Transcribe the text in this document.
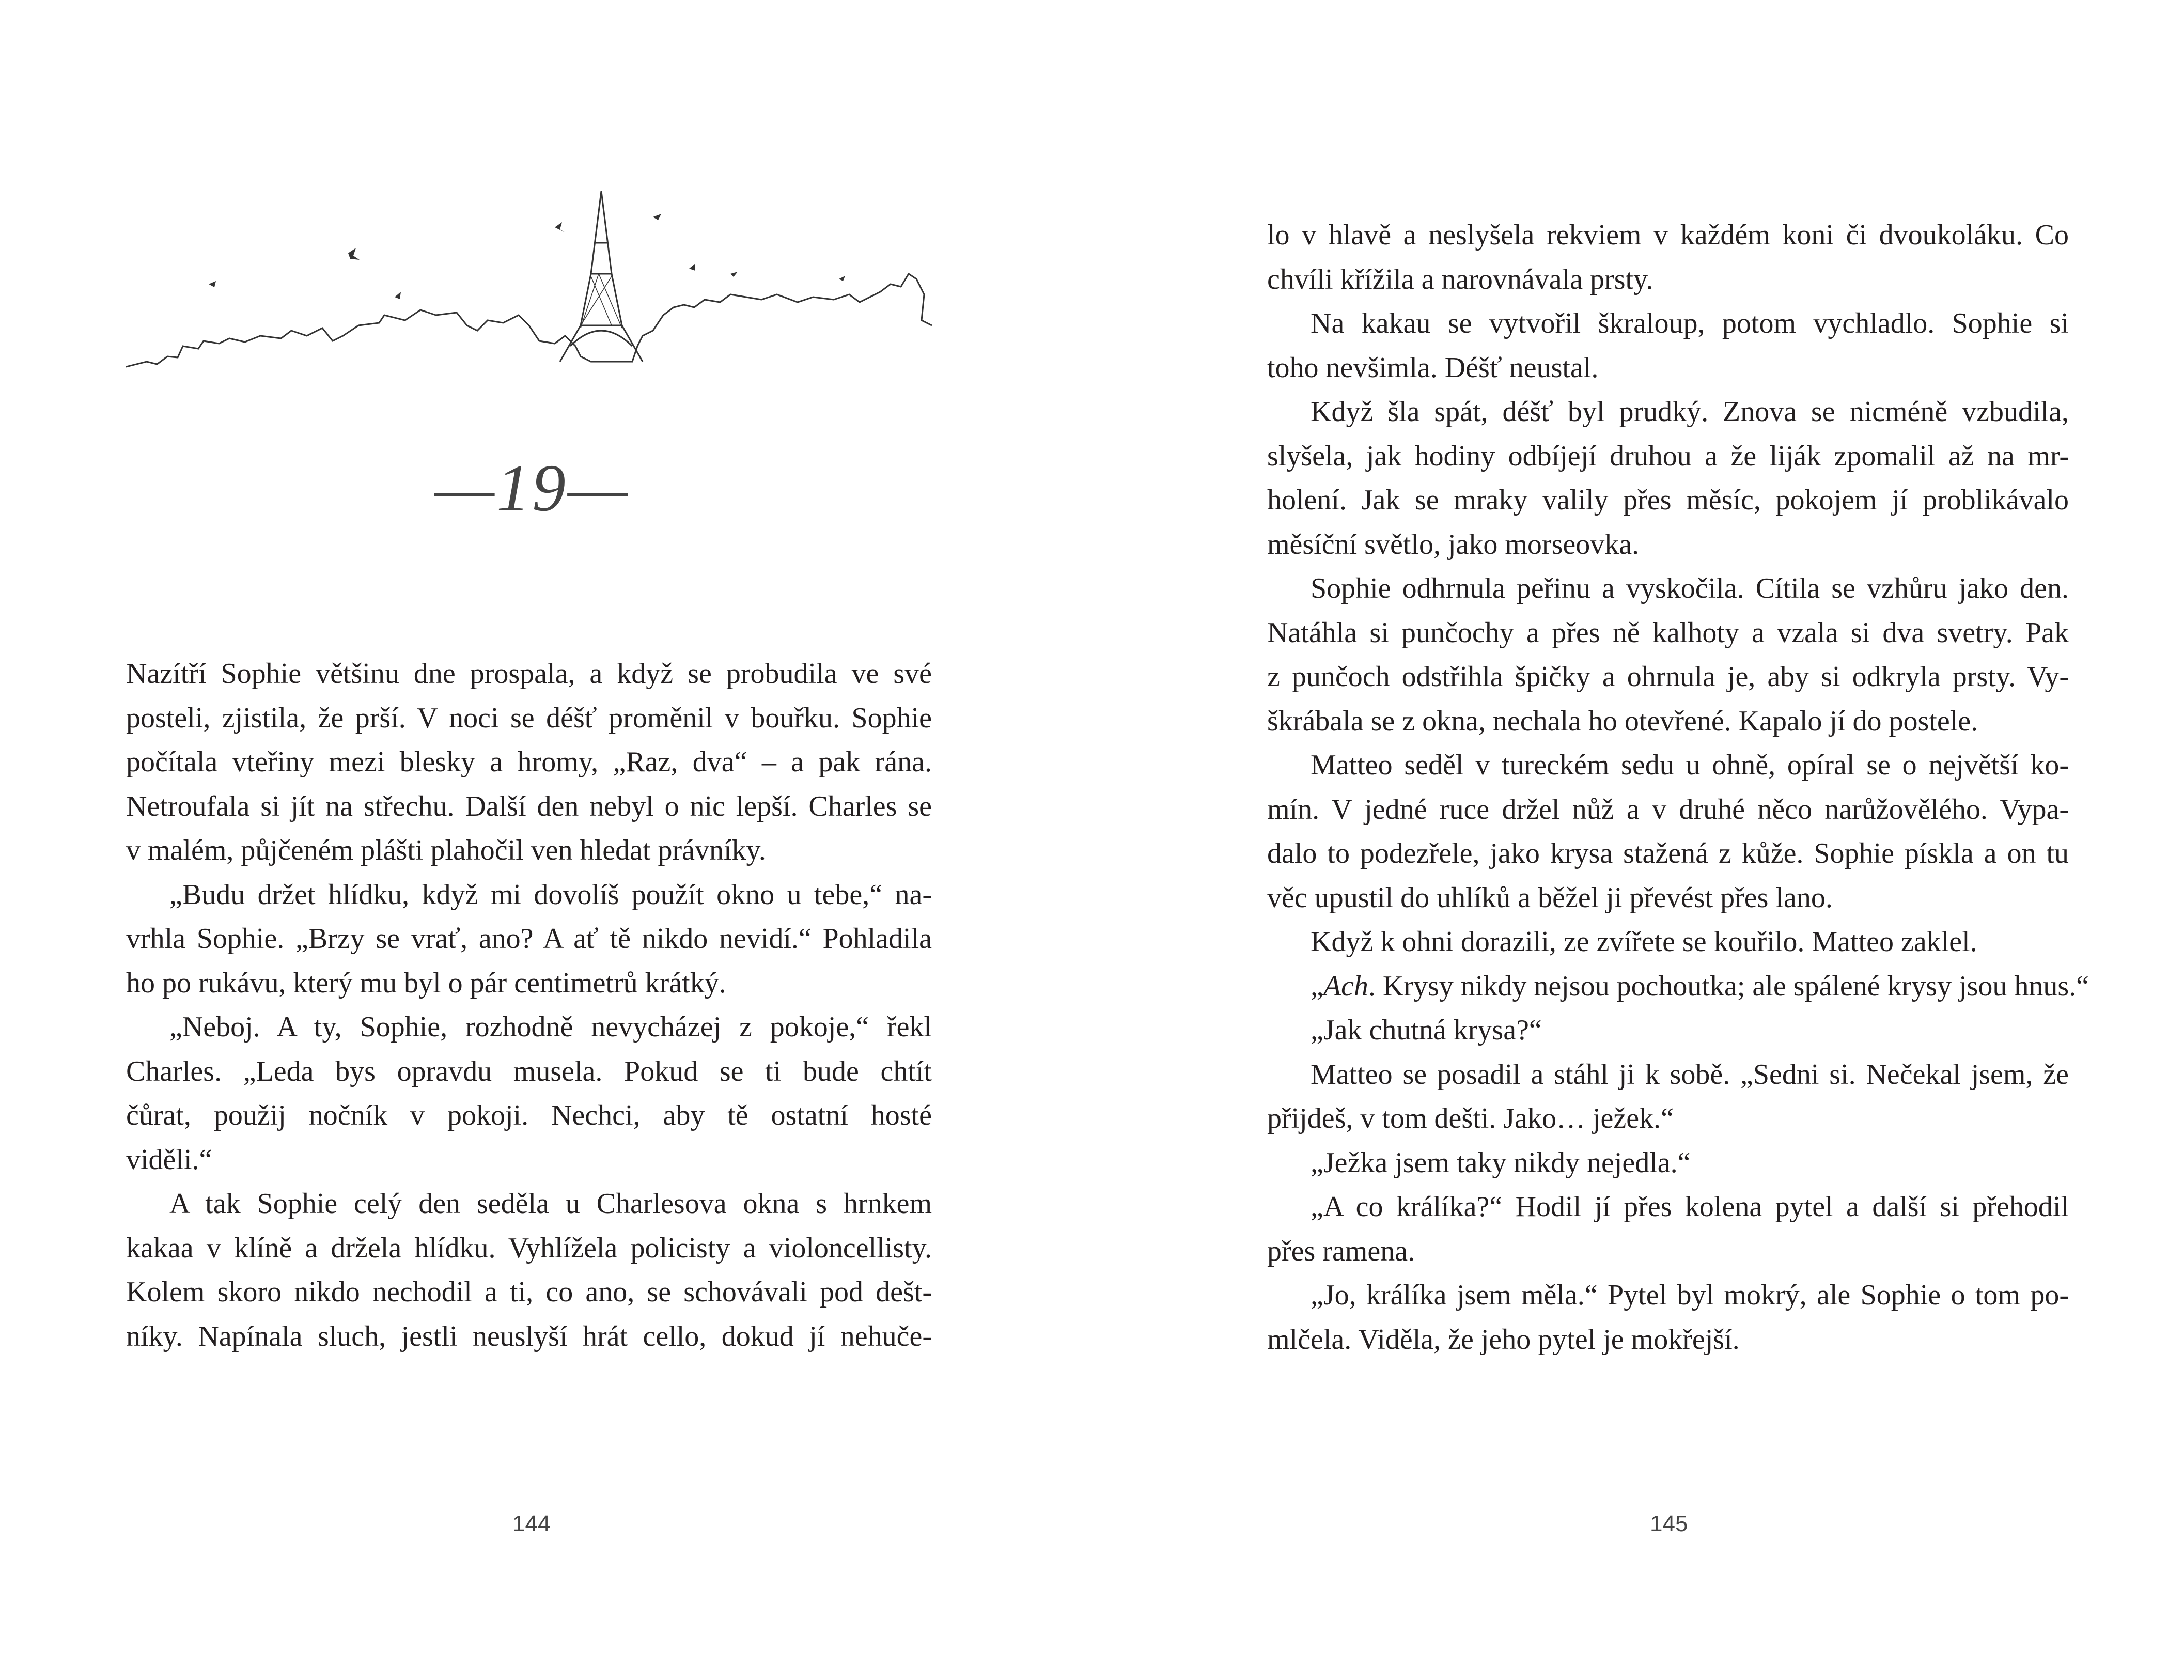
—19—
Nazítří Sophie většinu dne prospala, a když se probudila ve své
posteli, zjistila, že prší. V noci se déšť proměnil v bouřku. Sophie
počítala vteřiny mezi blesky a hromy, „Raz, dva“ – a pak rána.
Netroufala si jít na střechu. Další den nebyl o nic lepší. Charles se
v malém, půjčeném plášti plahočil ven hledat právníky.
„Budu držet hlídku, když mi dovolíš použít okno u tebe,“ na-
vrhla Sophie. „Brzy se vrať, ano? A ať tě nikdo nevidí.“ Pohladila
ho po rukávu, který mu byl o pár centimetrů krátký.
„Neboj. A ty, Sophie, rozhodně nevycházej z pokoje,“ řekl
Charles. „Leda bys opravdu musela. Pokud se ti bude chtít
čůrat, použij nočník v pokoji. Nechci, aby tě ostatní hosté
viděli.“
A tak Sophie celý den seděla u Charlesova okna s hrnkem
kakaa v klíně a držela hlídku. Vyhlížela policisty a violoncellisty.
Kolem skoro nikdo nechodil a ti, co ano, se schovávali pod dešt-
níky. Napínala sluch, jestli neuslyší hrát cello, dokud jí nehuče-
144
lo v hlavě a neslyšela rekviem v každém koni či dvoukoláku. Co
chvíli křížila a narovnávala prsty.
Na kakau se vytvořil škraloup, potom vychladlo. Sophie si
toho nevšimla. Déšť neustal.
Když šla spát, déšť byl prudký. Znova se nicméně vzbudila,
slyšela, jak hodiny odbíjejí druhou a že liják zpomalil až na mr-
holení. Jak se mraky valily přes měsíc, pokojem jí problikávalo
měsíční světlo, jako morseovka.
Sophie odhrnula peřinu a vyskočila. Cítila se vzhůru jako den.
Natáhla si punčochy a přes ně kalhoty a vzala si dva svetry. Pak
z punčoch odstřihla špičky a ohrnula je, aby si odkryla prsty. Vy-
škrábala se z okna, nechala ho otevřené. Kapalo jí do postele.
Matteo seděl v tureckém sedu u ohně, opíral se o největší ko-
mín. V jedné ruce držel nůž a v druhé něco narůžovělého. Vypa-
dalo to podezřele, jako krysa stažená z kůže. Sophie pískla a on tu
věc upustil do uhlíků a běžel ji převést přes lano.
Když k ohni dorazili, ze zvířete se kouřilo. Matteo zaklel.
„Ach. Krysy nikdy nejsou pochoutka; ale spálené krysy jsou hnus.“
„Jak chutná krysa?“
Matteo se posadil a stáhl ji k sobě. „Sedni si. Nečekal jsem, že
přijdeš, v tom dešti. Jako… ježek.“
„Ježka jsem taky nikdy nejedla.“
„A co králíka?“ Hodil jí přes kolena pytel a další si přehodil
přes ramena.
„Jo, králíka jsem měla.“ Pytel byl mokrý, ale Sophie o tom po-
mlčela. Viděla, že jeho pytel je mokřejší.
145
